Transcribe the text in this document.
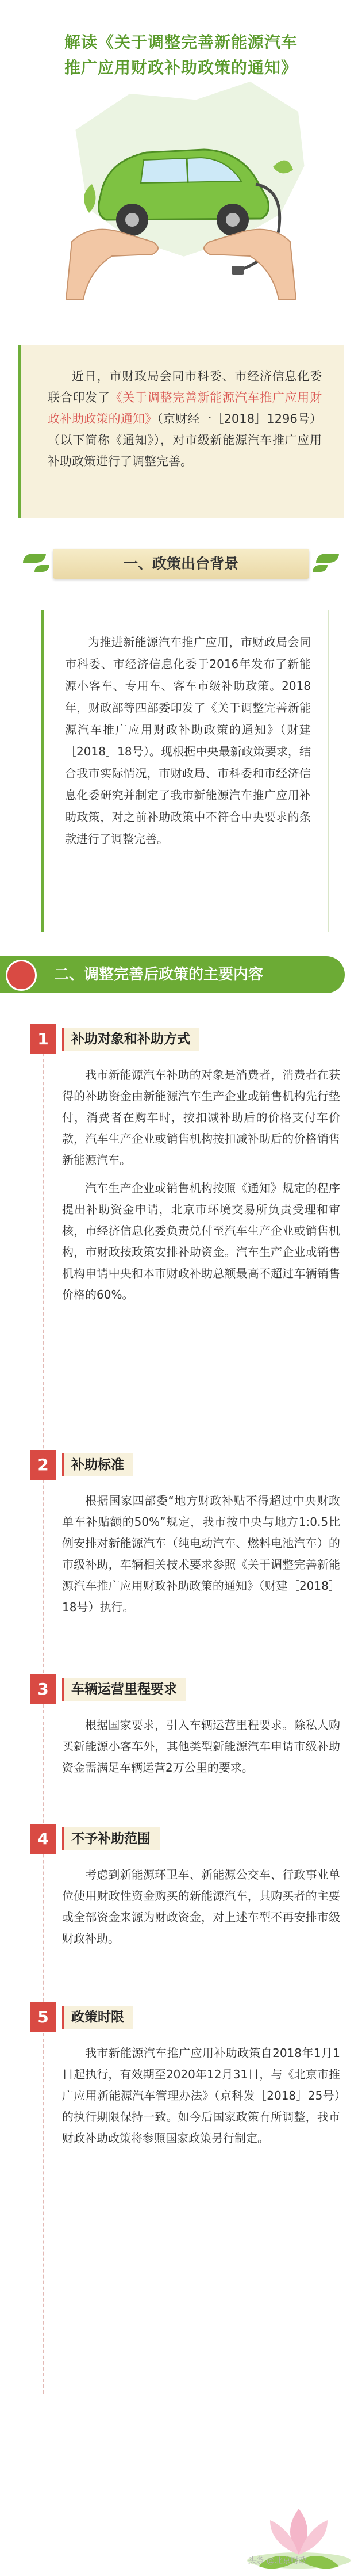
解读《关于调整完善新能源汽车
推广应用财政补助政策的通知》

近日，市财政局会同市科委、市经济信息化委联合印发了《关于调整完善新能源汽车推广应用财政补助政策的通知》（京财经一［2018］1296号）（以下简称《通知》），对市级新能源汽车推广应用补助政策进行了调整完善。

一、政策出台背景

为推进新能源汽车推广应用，市财政局会同市科委、市经济信息化委于2016年发布了新能源小客车、专用车、客车市级补助政策。2018年，财政部等四部委印发了《关于调整完善新能源汽车推广应用财政补助政策的通知》（财建［2018］18号）。现根据中央最新政策要求，结合我市实际情况，市财政局、市科委和市经济信息化委研究并制定了我市新能源汽车推广应用补助政策，对之前补助政策中不符合中央要求的条款进行了调整完善。

二、调整完善后政策的主要内容
1	补助对象和补助方式

我市新能源汽车补助的对象是消费者，消费者在获得的补助资金由新能源汽车生产企业或销售机构先行垫付，消费者在购车时，按扣减补助后的价格支付车价款，汽车生产企业或销售机构按扣减补助后的价格销售新能源汽车。

汽车生产企业或销售机构按照《通知》规定的程序提出补助资金申请，北京市环境交易所负责受理和审核，市经济信息化委负责兑付至汽车生产企业或销售机构，市财政按政策安排补助资金。汽车生产企业或销售机构申请中央和本市财政补助总额最高不超过车辆销售价格的60%。

2	补助标准

根据国家四部委“地方财政补贴不得超过中央财政单车补贴额的50%”规定，我市按中央与地方1:0.5比例安排对新能源汽车（纯电动汽车、燃料电池汽车）的市级补助，车辆相关技术要求参照《关于调整完善新能源汽车推广应用财政补助政策的通知》（财建［2018］18号）执行。

3	车辆运营里程要求

根据国家要求，引入车辆运营里程要求。除私人购买新能源小客车外，其他类型新能源汽车申请市级补助资金需满足车辆运营2万公里的要求。

4	不予补助范围

考虑到新能源环卫车、新能源公交车、行政事业单位使用财政性资金购买的新能源汽车，其购买者的主要或全部资金来源为财政资金，对上述车型不再安排市级财政补助。

5	政策时限

我市新能源汽车推广应用补助政策自2018年1月1日起执行，有效期至2020年12月31日，与《北京市推广应用新能源汽车管理办法》（京科发［2018］25号）的执行期限保持一致。如今后国家政策有所调整，我市财政补助政策将参照国家政策另行制定。

头条 @北京财政
